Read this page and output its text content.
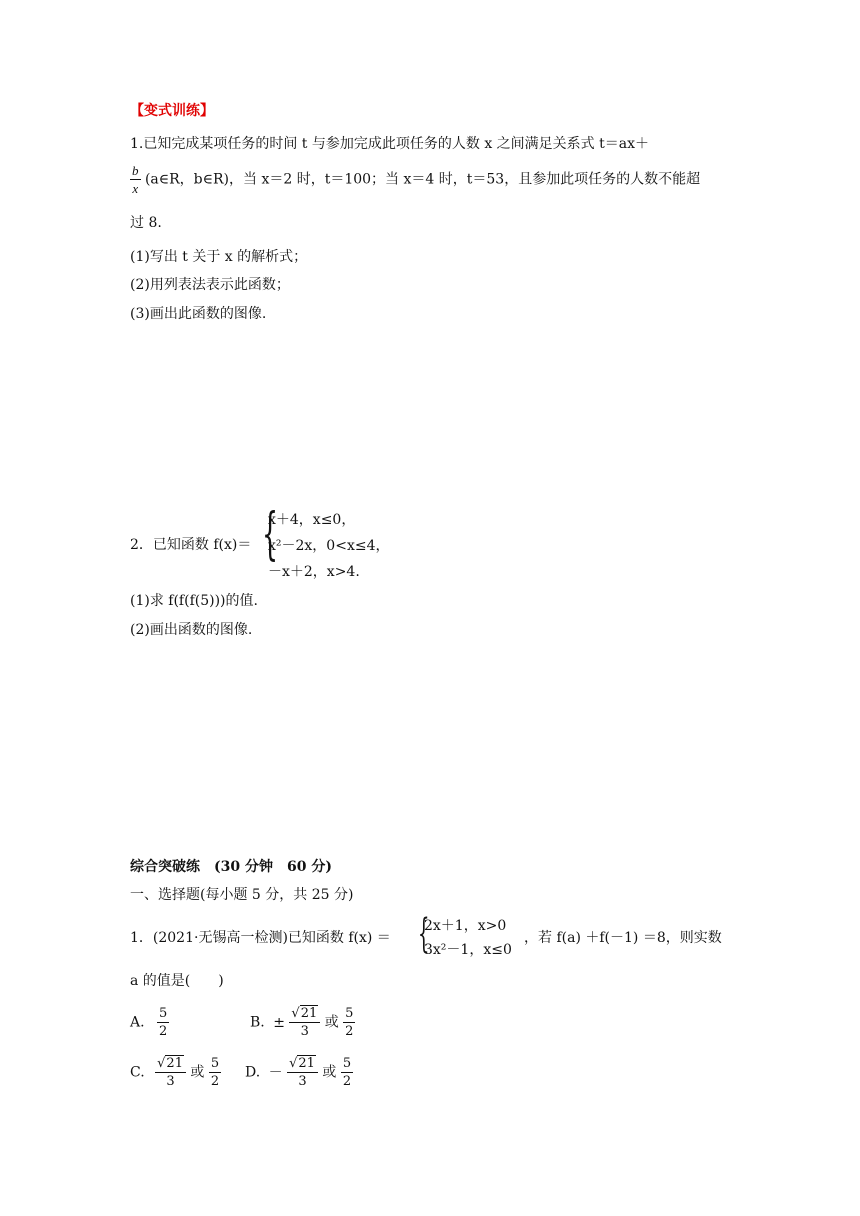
【变式训练】
1.已知完成某项任务的时间 t 与参加完成此项任务的人数 x 之间满足关系式 t＝ax＋
$\frac{b}{x}$ (a∈R，b∈R)，当 x＝2 时，t＝100；当 x＝4 时，t＝53，且参加此项任务的人数不能超
过 8.
(1)写出 t 关于 x 的解析式；
(2)用列表法表示此函数；
(3)画出此函数的图像.
2．已知函数 f(x)＝ {
x＋4，x≤0，
x²－2x，0<x≤4，
－x＋2，x>4.
(1)求 f(f(f(5)))的值.
(2)画出函数的图像.
综合突破练　(30 分钟　60 分)
一、选择题(每小题 5 分，共 25 分)
1．(2021·无锡高一检测)已知函数 f(x) ＝ {
2x＋1，x>0
3x²－1，x≤0
，若 f(a) ＋f(－1) ＝8，则实数
a 的值是(　　)
A. $\frac{5}{2}$	B. ± $\frac{√21}{3}$ 或 $\frac{5}{2}$
C. $\frac{√21}{3}$ 或 $\frac{5}{2} D$. － $\frac{√21}{3}$ 或 $\frac{5}{2}$
